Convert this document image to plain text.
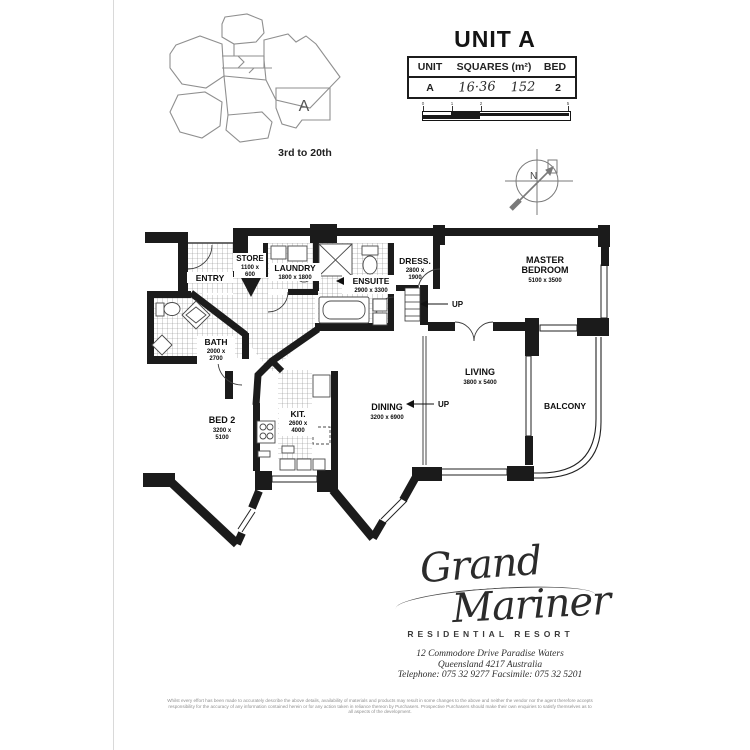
A
3rd to 20th
UNIT A
UNIT	SQUARES (m²)	BED
A	16·36	152	2
0	1	2	5
N
ENTRY
STORE
1100 x
600
LAUNDRY
1800 x 1800	ENSUITE
2900 x 3300
DRESS.
2800 x
1900
MASTER
BEDROOM
5100 x 3500
BATH
2000 x
2700
BED 2
3200 x
5100
KIT.
2600 x
4000
DINING
3200 x 6900
LIVING
3800 x 5400
BALCONY
UP
UP
Grand
Mariner
RESIDENTIAL RESORT
12 Commodore Drive Paradise Waters
Queensland 4217 Australia
Telephone: 075 32 9277 Facsimile: 075 32 5201
Whilst every effort has been made to accurately describe the above details, availability of materials and products may result in some changes to the above and neither the vendor nor the agent therefore accepts responsibility for the accuracy of any information contained herein or for any action taken in reliance thereon by Purchasers. Prospective Purchasers should make their own enquiries to satisfy themselves as to all aspects of the development.
